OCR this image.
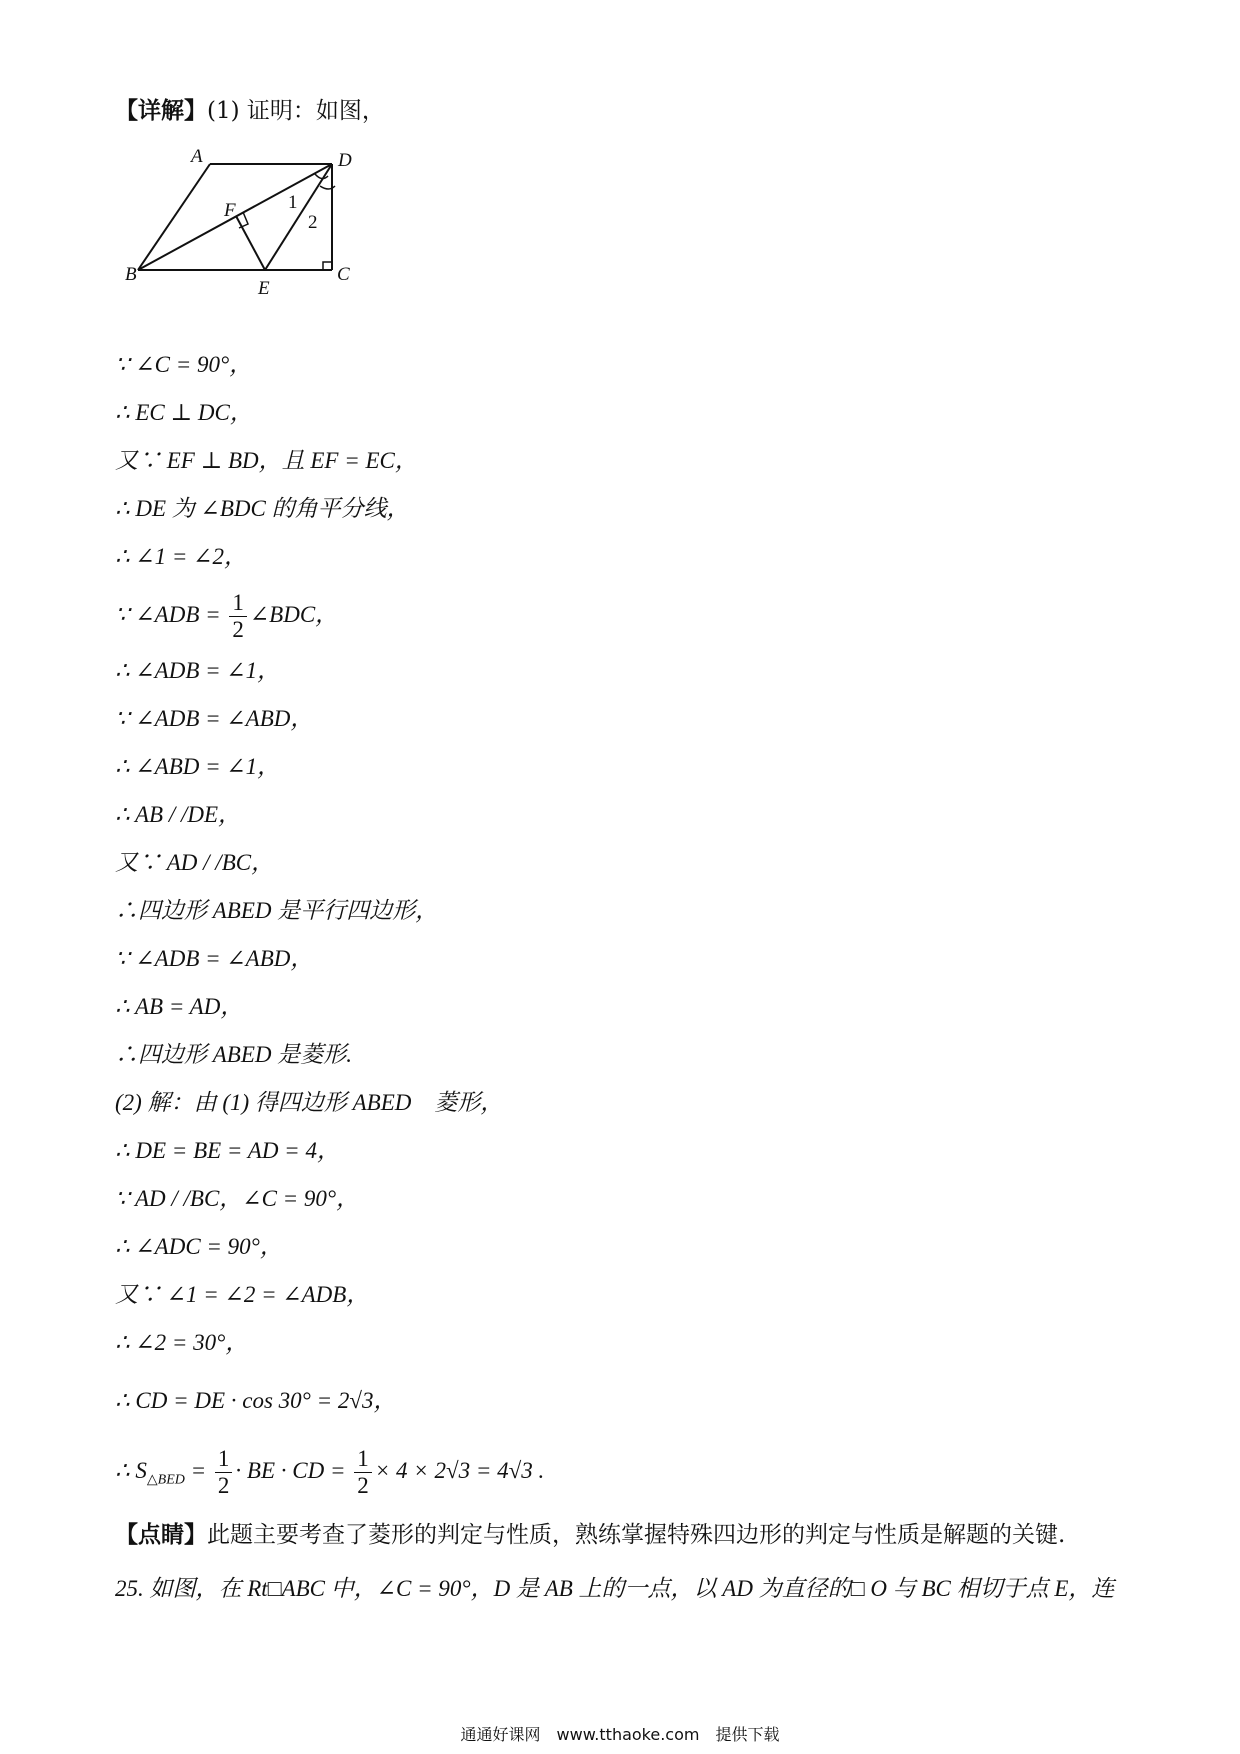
【详解】(1) 证明：如图，
A	D
F
B
E
C
1
2
∵ ∠C = 90°，
∴ EC ⊥ DC，
又∵ EF ⊥ BD，且 EF = EC，
∴ DE 为 ∠BDC 的角平分线，
∴ ∠1 = ∠2，
∵ ∠ADB = $\frac{1}{2}$ ∠BDC，
∴ ∠ADB = ∠1，
∵ ∠ADB = ∠ABD，
∴ ∠ABD = ∠1，
∴ AB / /DE，
又∵ AD / /BC，
∴四边形 ABED 是平行四边形，
∵ ∠ADB = ∠ABD，
∴ AB = AD，
∴四边形 ABED 是菱形.
(2) 解：由 (1) 得四边形 ABED　菱形，
∴ DE = BE = AD = 4，
∵ AD / /BC，∠C = 90°，
∴ ∠ADC = 90°，
又∵ ∠1 = ∠2 = ∠ADB，
∴ ∠2 = 30°，
∴ CD = DE · cos 30° = 2√3，
∴ $S_{\triangle BED} = \frac{1}{2}$ · BE · CD = $\frac{1}{2} \times 4 \times 2√3 = 4√3$ .
【点睛】此题主要考查了菱形的判定与性质，熟练掌握特殊四边形的判定与性质是解题的关键.
25. 如图，在 Rt□ABC 中，∠C = 90°，D 是 AB 上的一点，以 AD 为直径的□ O 与 BC 相切于点 E，连
通通好课网　www.tthaoke.com　提供下载
